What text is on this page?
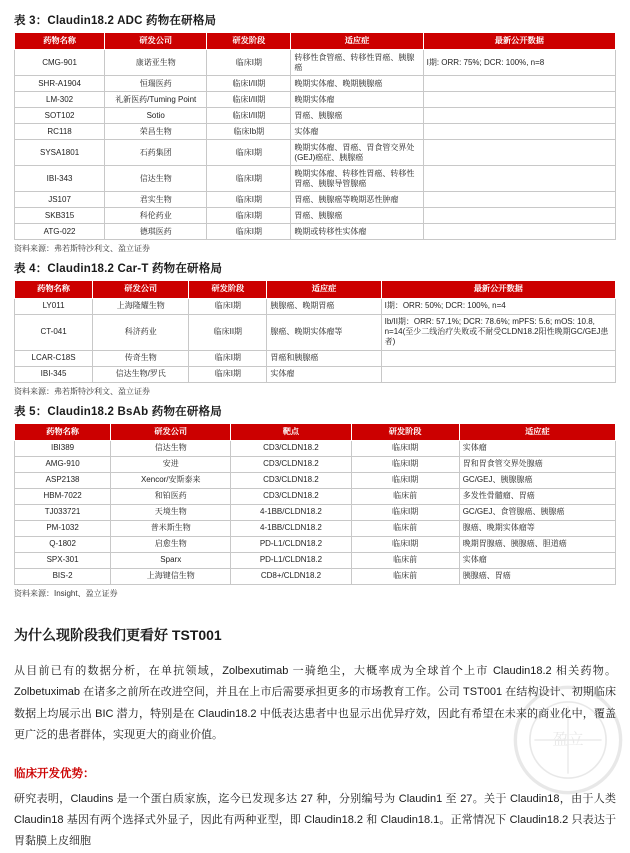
表 3：Claudin18.2 ADC 药物在研格局
药物名称	研发公司	研发阶段	适应症	最新公开数据
CMG-901	康诺亚生物	临床I期	转移性食管癌、转移性胃癌、胰腺癌	I期: ORR: 75%; DCR: 100%, n=8
SHR-A1904	恒瑞医药	临床I/II期	晚期实体瘤、晚期胰腺癌	
LM-302	礼新医药/Tuming Point	临床I/II期	晚期实体瘤	
SOT102	Sotio	临床I/II期	胃癌、胰腺癌	
RC118	荣昌生物	临床Ib期	实体瘤	
SYSA1801	石药集团	临床I期	晚期实体瘤、胃癌、胃食管交界处(GEJ)癌症、胰腺癌	
IBI-343	信达生物	临床I期	晚期实体瘤、转移性胃癌、转移性胃癌、胰腺导管腺癌	
JS107	君实生物	临床I期	胃癌、胰腺癌等晚期恶性肿瘤	
SKB315	科伦药业	临床I期	胃癌、胰腺癌	
ATG-022	德琪医药	临床I期	晚期或转移性实体瘤	
资料来源：弗若斯特沙利文、盈立证券
表 4：Claudin18.2 Car-T 药物在研格局
药物名称	研发公司	研发阶段	适应症	最新公开数据
LY011	上海隆耀生物	临床I期	胰腺癌、晚期胃癌	I期：ORR: 50%; DCR: 100%, n=4
CT-041	科济药业	临床II期	腺癌、晚期实体瘤等	Ib/II期：ORR: 57.1%; DCR: 78.6%; mPFS: 5.6; mOS: 10.8, n=14(至少二线治疗失败或不耐受CLDN18.2阳性晚期GC/GEJ患者)
LCAR-C18S	传奇生物	临床I期	胃癌和胰腺癌	
IBI-345	信达生物/罗氏	临床I期	实体瘤	
资料来源：弗若斯特沙利文、盈立证券
表 5：Claudin18.2 BsAb 药物在研格局
药物名称	研发公司	靶点	研发阶段	适应症
IBI389	信达生物	CD3/CLDN18.2	临床I期	实体瘤
AMG-910	安进	CD3/CLDN18.2	临床I期	胃和胃食管交界处腺癌
ASP2138	Xencor/安斯泰来	CD3/CLDN18.2	临床I期	GC/GEJ、胰腺腺癌
HBM-7022	和铂医药	CD3/CLDN18.2	临床前	多发性骨髓瘤、胃癌
TJ033721	天境生物	4-1BB/CLDN18.2	临床I期	GC/GEJ、食管腺癌、胰腺癌
PM-1032	普米斯生物	4-1BB/CLDN18.2	临床前	腺癌、晚期实体瘤等
Q-1802	启愈生物	PD-L1/CLDN18.2	临床I期	晚期胃腺癌、胰腺癌、胆道癌
SPX-301	Sparx	PD-L1/CLDN18.2	临床前	实体瘤
BIS-2	上海键信生物	CD8+/CLDN18.2	临床前	胰腺癌、胃癌
资料来源：Insight、盈立证券
为什么现阶段我们更看好 TST001

从目前已有的数据分析，在单抗领域，Zolbexutimab 一骑绝尘，大概率成为全球首个上市 Claudin18.2 相关药物。Zolbetuximab 在诸多之前所在改进空间，并且在上市后需要承担更多的市场教育工作。公司 TST001 在结构设计、初期临床数据上均展示出 BIC 潜力，特别是在 Claudin18.2 中低表达患者中也显示出优异疗效，因此有希望在未来的商业化中，覆盖更广泛的患者群体，实现更大的商业价值。

临床开发优势：

研究表明，Claudins 是一个蛋白质家族，迄今已发现多达 27 种，分别编号为 Claudin1 至 27。关于 Claudin18，由于人类 Claudin18 基因有两个选择式外显子，因此有两种亚型，即 Claudin18.2 和 Claudin18.1。正常情况下 Claudin18.2 只表达于胃黏膜上皮细胞

盈立
